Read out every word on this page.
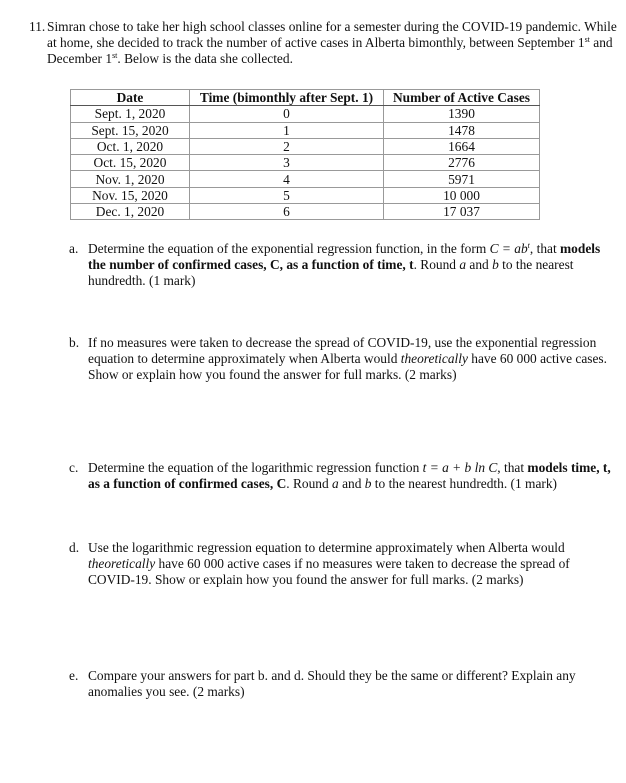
11. Simran chose to take her high school classes online for a semester during the COVID-19 pandemic. While at home, she decided to track the number of active cases in Alberta bimonthly, between September 1st and December 1st. Below is the data she collected.
Date	Time (bimonthly after Sept. 1)	Number of Active Cases
Sept. 1, 2020	0	1390
Sept. 15, 2020	1	1478
Oct. 1, 2020	2	1664
Oct. 15, 2020	3	2776
Nov. 1, 2020	4	5971
Nov. 15, 2020	5	10 000
Dec. 1, 2020	6	17 037
a. Determine the equation of the exponential regression function, in the form $C = ab^t$, that models the number of confirmed cases, C, as a function of time, t. Round a and b to the nearest hundredth. (1 mark)
b. If no measures were taken to decrease the spread of COVID-19, use the exponential regression equation to determine approximately when Alberta would theoretically have 60 000 active cases. Show or explain how you found the answer for full marks. (2 marks)
c. Determine the equation of the logarithmic regression function t = a + b ln C, that models time, t, as a function of confirmed cases, C. Round a and b to the nearest hundredth. (1 mark)
d. Use the logarithmic regression equation to determine approximately when Alberta would theoretically have 60 000 active cases if no measures were taken to decrease the spread of COVID-19. Show or explain how you found the answer for full marks. (2 marks)
e. Compare your answers for part b. and d. Should they be the same or different? Explain any anomalies you see. (2 marks)
